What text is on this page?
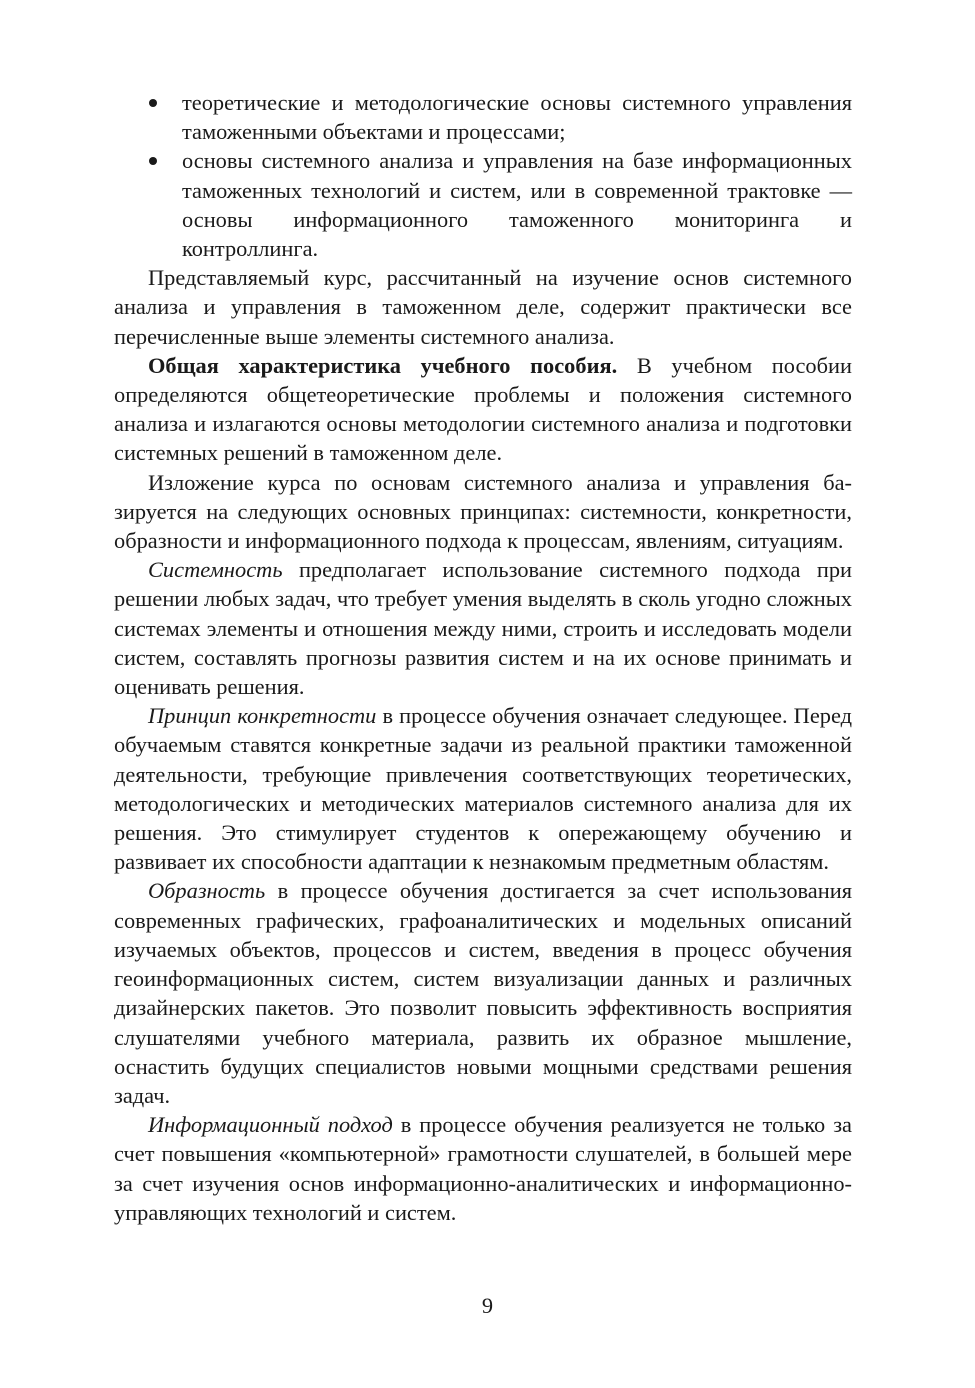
теоретические и методологические основы системного управления таможенными объектами и процессами;
основы системного анализа и управления на базе информационных таможенных технологий и систем, или в современной трактовке — основы информационного таможенного мониторинга и контроллинга.

Представляемый курс, рассчитанный на изучение основ системного анализа и управления в таможенном деле, содержит практически все перечисленные выше элементы системного анализа.

Общая характеристика учебного пособия. В учебном пособии определяются общетеоретические проблемы и положения системного анализа и излагаются основы методологии системного анализа и подготовки системных решений в таможенном деле.

Изложение курса по основам системного анализа и управления базируется на следующих основных принципах: системности, конкретности, образности и информационного подхода к процессам, явлениям, ситуациям.

Системность предполагает использование системного подхода при решении любых задач, что требует умения выделять в сколь угодно сложных системах элементы и отношения между ними, строить и исследовать модели систем, составлять прогнозы развития систем и на их основе принимать и оценивать решения.

Принцип конкретности в процессе обучения означает следующее. Перед обучаемым ставятся конкретные задачи из реальной практики таможенной деятельности, требующие привлечения соответствующих теоретических, методологических и методических материалов системного анализа для их решения. Это стимулирует студентов к опережающему обучению и развивает их способности адаптации к незнакомым предметным областям.

Образность в процессе обучения достигается за счет использования современных графических, графоаналитических и модельных описаний изучаемых объектов, процессов и систем, введения в процесс обучения геоинформационных систем, систем визуализации данных и различных дизайнерских пакетов. Это позволит повысить эффективность восприятия слушателями учебного материала, развить их образное мышление, оснастить будущих специалистов новыми мощными средствами решения задач.

Информационный подход в процессе обучения реализуется не только за счет повышения «компьютерной» грамотности слушателей, в большей мере за счет изучения основ информационно-аналитических и информационно-управляющих технологий и систем.

9
